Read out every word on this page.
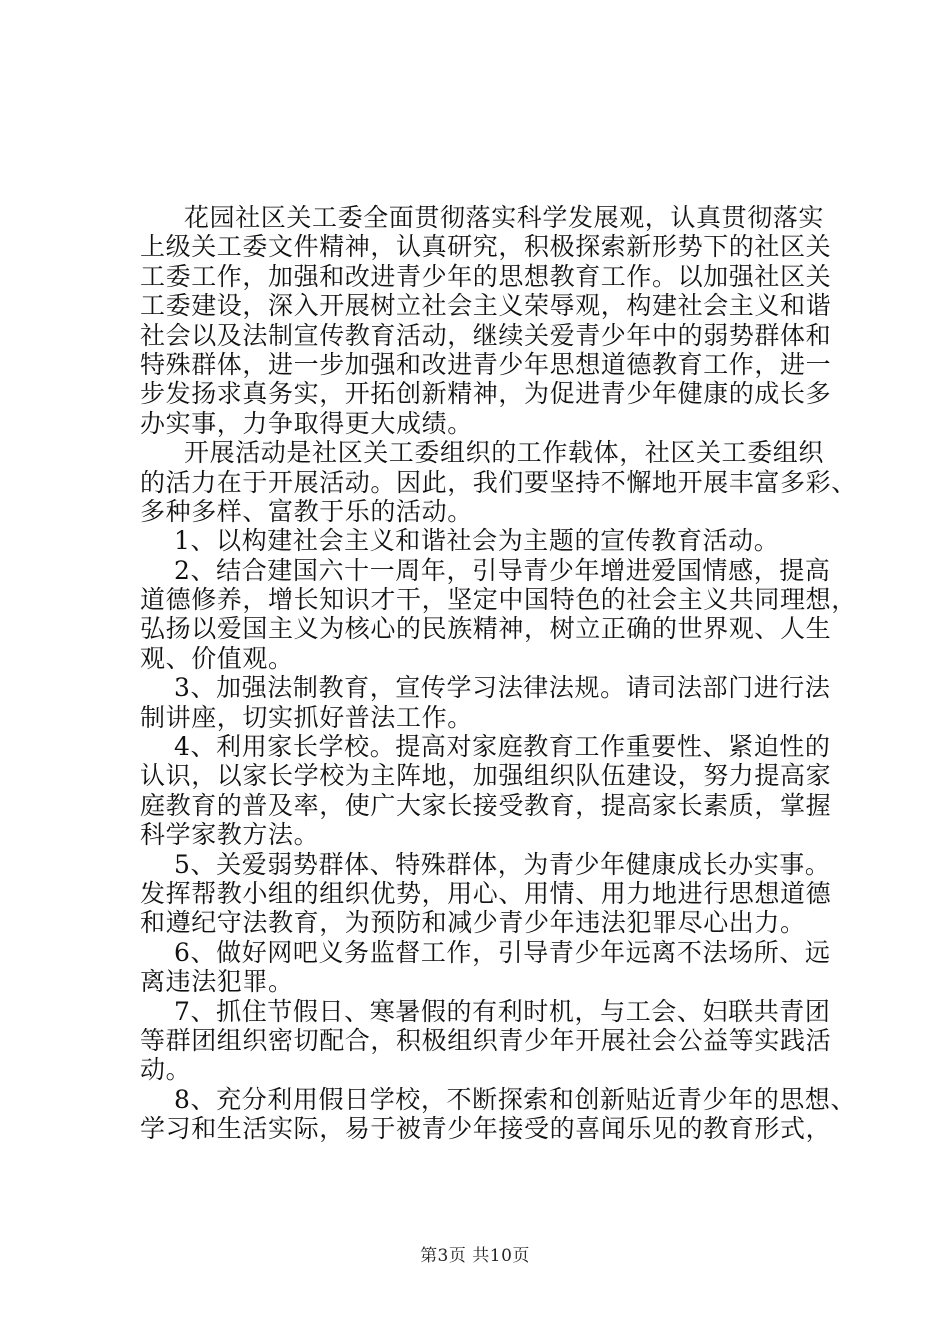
花园社区关工委全面贯彻落实科学发展观，认真贯彻落实
上级关工委文件精神，认真研究，积极探索新形势下的社区关
工委工作，加强和改进青少年的思想教育工作。以加强社区关
工委建设，深入开展树立社会主义荣辱观，构建社会主义和谐
社会以及法制宣传教育活动，继续关爱青少年中的弱势群体和
特殊群体，进一步加强和改进青少年思想道德教育工作，进一
步发扬求真务实，开拓创新精神，为促进青少年健康的成长多
办实事，力争取得更大成绩。
开展活动是社区关工委组织的工作载体，社区关工委组织
的活力在于开展活动。因此，我们要坚持不懈地开展丰富多彩、
多种多样、富教于乐的活动。
1、以构建社会主义和谐社会为主题的宣传教育活动。
2、结合建国六十一周年，引导青少年增进爱国情感，提高
道德修养，增长知识才干，坚定中国特色的社会主义共同理想，
弘扬以爱国主义为核心的民族精神，树立正确的世界观、人生
观、价值观。
3、加强法制教育，宣传学习法律法规。请司法部门进行法
制讲座，切实抓好普法工作。
4、利用家长学校。提高对家庭教育工作重要性、紧迫性的
认识，以家长学校为主阵地，加强组织队伍建设，努力提高家
庭教育的普及率，使广大家长接受教育，提高家长素质，掌握
科学家教方法。
5、关爱弱势群体、特殊群体，为青少年健康成长办实事。
发挥帮教小组的组织优势，用心、用情、用力地进行思想道德
和遵纪守法教育，为预防和减少青少年违法犯罪尽心出力。
6、做好网吧义务监督工作，引导青少年远离不法场所、远
离违法犯罪。
7、抓住节假日、寒暑假的有利时机，与工会、妇联共青团
等群团组织密切配合，积极组织青少年开展社会公益等实践活
动。
8、充分利用假日学校，不断探索和创新贴近青少年的思想、
学习和生活实际，易于被青少年接受的喜闻乐见的教育形式，
第3页 共10页
